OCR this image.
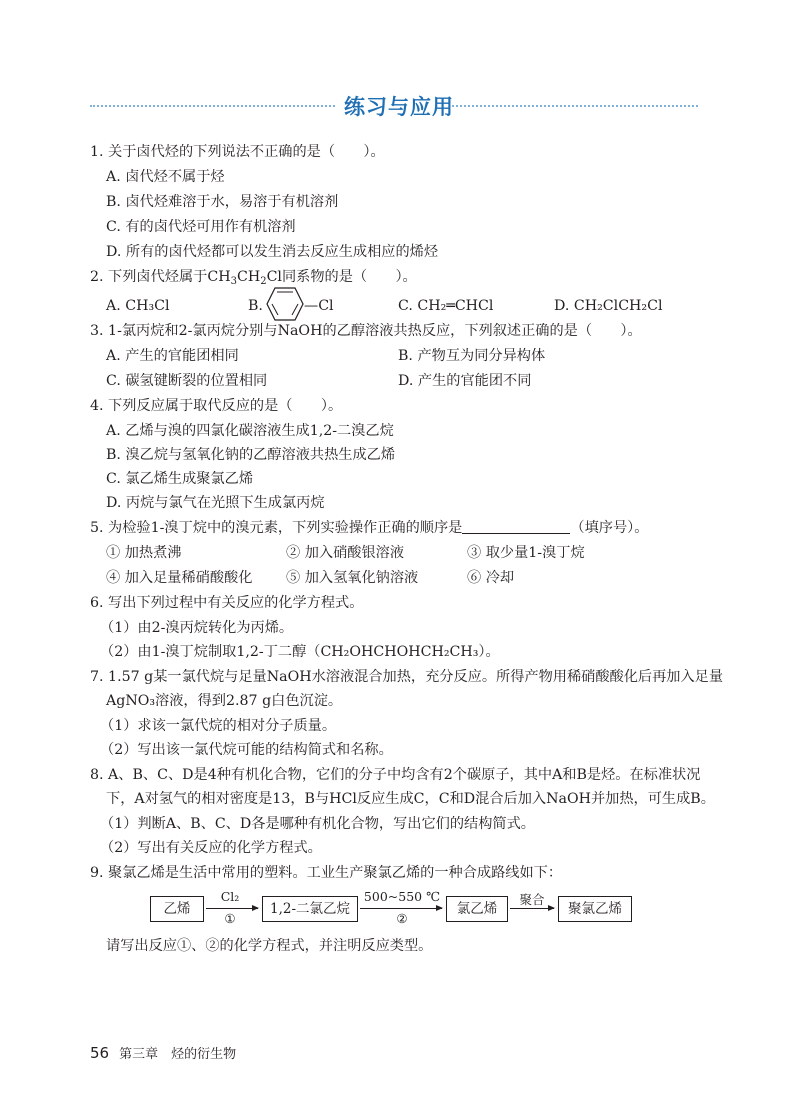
练习与应用
1. 关于卤代烃的下列说法不正确的是（　　）。
A. 卤代烃不属于烃
B. 卤代烃难溶于水，易溶于有机溶剂
C. 有的卤代烃可用作有机溶剂
D. 所有的卤代烃都可以发生消去反应生成相应的烯烃
2. 下列卤代烃属于$CH_3CH_2Cl$同系物的是（　　）。
A. CH₃Cl	B.	—Cl	C. CH₂═CHCl	D. CH₂ClCH₂Cl
3. 1-氯丙烷和2-氯丙烷分别与NaOH的乙醇溶液共热反应，下列叙述正确的是（　　）。
A. 产生的官能团相同	B. 产物互为同分异构体
C. 碳氢键断裂的位置相同	D. 产生的官能团不同
4. 下列反应属于取代反应的是（　　）。
A. 乙烯与溴的四氯化碳溶液生成1,2-二溴乙烷
B. 溴乙烷与氢氧化钠的乙醇溶液共热生成乙烯
C. 氯乙烯生成聚氯乙烯
D. 丙烷与氯气在光照下生成氯丙烷
5. 为检验1-溴丁烷中的溴元素，下列实验操作正确的顺序是	（填序号）。
① 加热煮沸	② 加入硝酸银溶液	③ 取少量1-溴丁烷
④ 加入足量稀硝酸酸化 ⑤ 加入氢氧化钠溶液	⑥ 冷却
6. 写出下列过程中有关反应的化学方程式。
（1）由2-溴丙烷转化为丙烯。
（2）由1-溴丁烷制取1,2-丁二醇（CH₂OHCHOHCH₂CH₃）。
7. 1.57 g某一氯代烷与足量NaOH水溶液混合加热，充分反应。所得产物用稀硝酸酸化后再加入足量
AgNO₃溶液，得到2.87 g白色沉淀。
（1）求该一氯代烷的相对分子质量。
（2）写出该一氯代烷可能的结构简式和名称。
8. A、B、C、D是4种有机化合物，它们的分子中均含有2个碳原子，其中A和B是烃。在标准状况
下，A对氢气的相对密度是13，B与HCl反应生成C，C和D混合后加入NaOH并加热，可生成B。
（1）判断A、B、C、D各是哪种有机化合物，写出它们的结构简式。
（2）写出有关反应的化学方程式。
9. 聚氯乙烯是生活中常用的塑料。工业生产聚氯乙烯的一种合成路线如下：
乙烯
Cl₂
①
1,2-二氯乙烷
500~550 ℃
②
氯乙烯
聚合
聚氯乙烯
请写出反应①、②的化学方程式，并注明反应类型。
56 第三章　烃的衍生物
